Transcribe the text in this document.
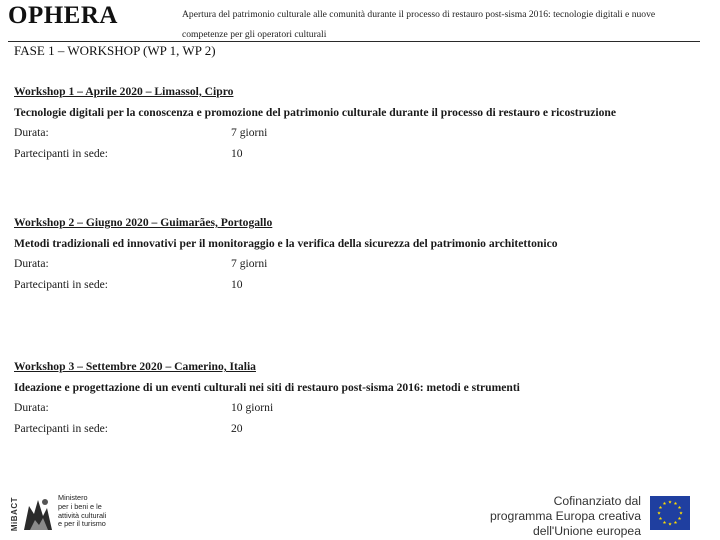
OPHERA	Apertura del patrimonio culturale alle comunità durante il processo di restauro post-sisma 2016: tecnologie digitali e nuove competenze per gli operatori culturali
FASE 1 – WORKSHOP (WP 1, WP 2)
Workshop 1 – Aprile 2020 – Limassol, Cipro
Tecnologie digitali per la conoscenza e promozione del patrimonio culturale durante il processo di restauro e ricostruzione
Durata:	7 giorni
Partecipanti in sede:	10
Workshop 2 – Giugno 2020 – Guimarães, Portogallo
Metodi tradizionali ed innovativi per il monitoraggio e la verifica della sicurezza del patrimonio architettonico
Durata:	7 giorni
Partecipanti in sede:	10
Workshop 3 – Settembre 2020 – Camerino, Italia
Ideazione e progettazione di un eventi culturali nei siti di restauro post-sisma 2016: metodi e strumenti
Durata:	10 giorni
Partecipanti in sede:	20
MiBACT	Ministero
per i beni e le
attività culturali
e per il turismo
Cofinanziato dal
programma Europa creativa
dell'Unione europea
